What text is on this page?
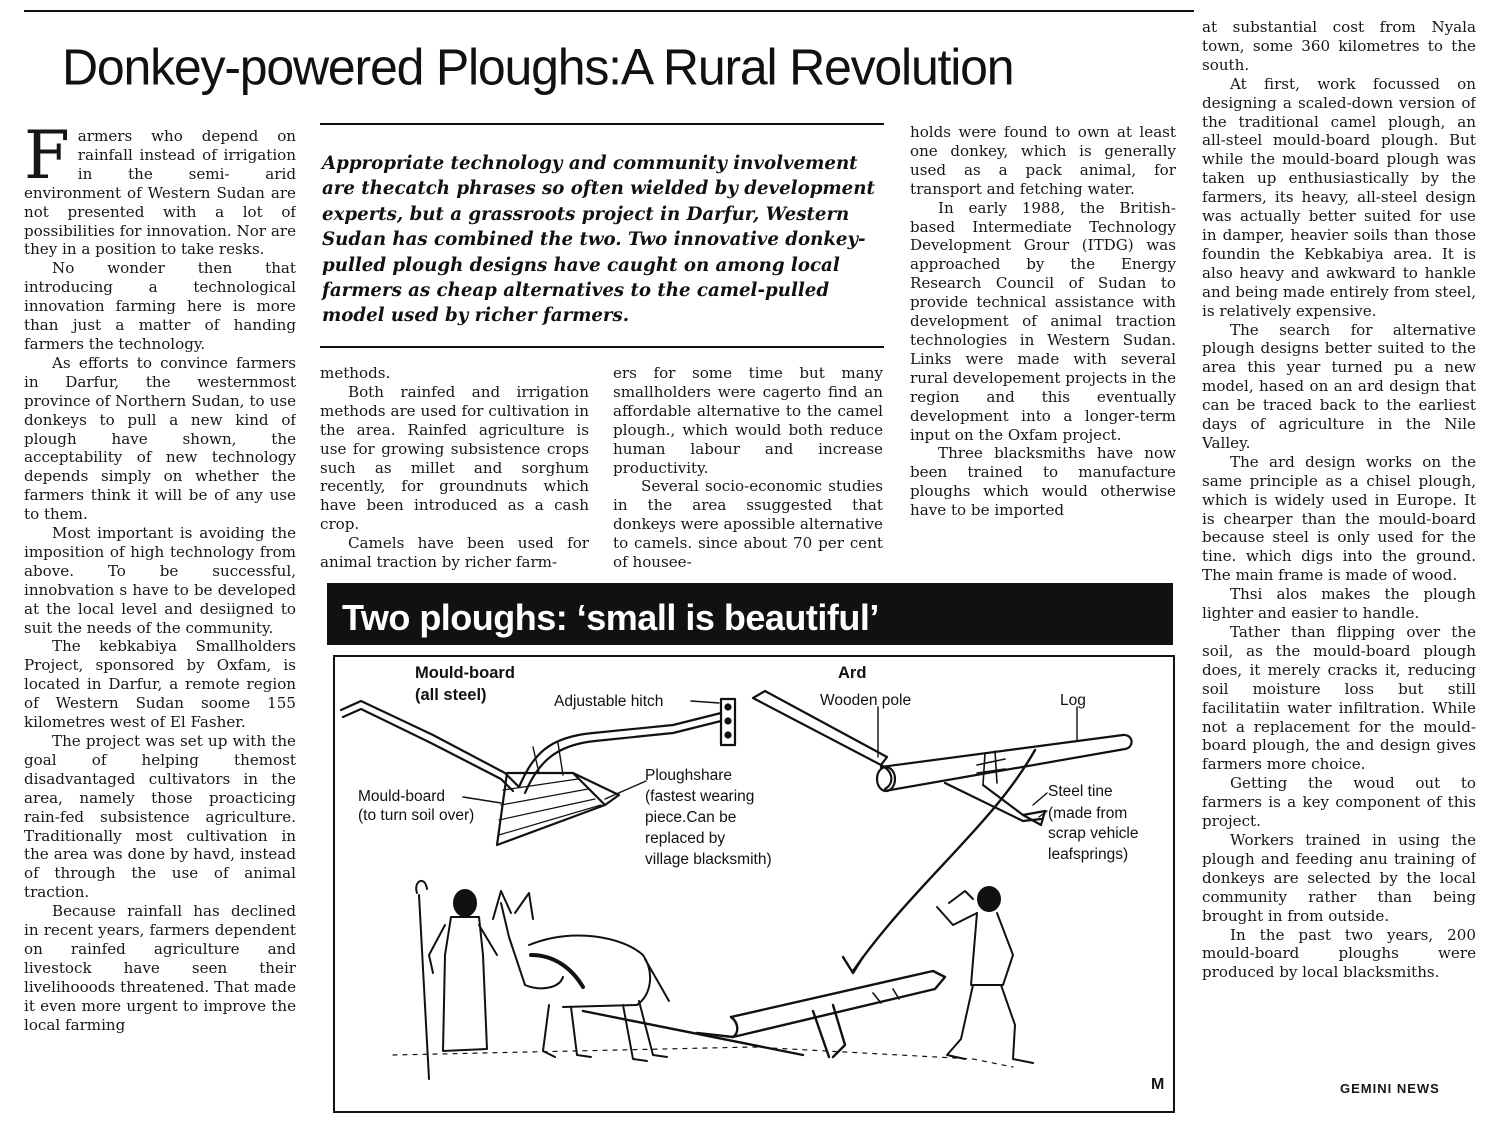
Donkey-powered Ploughs:A Rural Revolution
F armers who depend on rainfall instead of irrigation in the semi- arid environment of Western Sudan are not presented with a lot of possibilities for innovation. Nor are they in a position to take resks.

No wonder then that introducing a technological innovation farming here is more than just a matter of handing farmers the technology.

As efforts to convince farmers in Darfur, the westernmost province of Northern Sudan, to use donkeys to pull a new kind of plough have shown, the acceptability of new technology depends simply on whether the farmers think it will be of any use to them.

Most important is avoiding the imposition of high technology from above. To be successful, innobvation s have to be developed at the local level and desiigned to suit the needs of the community.

The kebkabiya Smallholders Project, sponsored by Oxfam, is located in Darfur, a remote region of Western Sudan soome 155 kilometres west of El Fasher.

The project was set up with the goal of helping themost disadvantaged cultivators in the area, namely those proacticing rain-fed subsistence agriculture. Traditionally most cultivation in the area was done by havd, instead of through the use of animal traction.

Because rainfall has declined in recent years, farmers dependent on rainfed agriculture and livestock have seen their livelihooods threatened. That made it even more urgent to improve the local farming

Appropriate technology and community involvement are thecatch phrases so often wielded by development experts, but a grassroots project in Darfur, Western Sudan has combined the two. Two innovative donkey-pulled plough designs have caught on among local farmers as cheap alternatives to the camel-pulled model used by richer farmers.

methods.

Both rainfed and irrigation methods are used for cultivation in the area. Rainfed agriculture is use for growing subsistence crops such as millet and sorghum recently, for groundnuts which have been introduced as a cash crop.

Camels have been used for animal traction by richer farm-

ers for some time but many smallholders were cagerto find an affordable alternative to the camel plough., which would both reduce human labour and increase productivity.

Several socio-economic studies in the area ssuggested that donkeys were apossible alternative to camels. since about 70 per cent of housee-

holds were found to own at least one donkey, which is generally used as a pack animal, for transport and fetching water.

In early 1988, the British-based Intermediate Technology Development Grour (ITDG) was approached by the Energy Research Council of Sudan to provide technical assistance with development of animal traction technologies in Western Sudan. Links were made with several rural developement projects in the region and this eventually development into a longer-term input on the Oxfam project.

Three blacksmiths have now been trained to manufacture ploughs which would otherwise have to be imported

at substantial cost from Nyala town, some 360 kilometres to the south.

At first, work focussed on designing a scaled-down version of the traditional camel plough, an all-steel mould-board plough. But while the mould-board plough was taken up enthusiastically by the farmers, its heavy, all-steel design was actually better suited for use in damper, heavier soils than those foundin the Kebkabiya area. It is also heavy and awkward to hankle and being made entirely from steel, is relatively expensive.

The search for alternative plough designs better suited to the area this year turned pu a new model, hased on an ard design that can be traced back to the earliest days of agriculture in the Nile Valley.

The ard design works on the same principle as a chisel plough, which is widely used in Europe. It is chearper than the mould-board because steel is only used for the tine. which digs into the ground. The main frame is made of wood.

Thsi alos makes the plough lighter and easier to handle.

Tather than flipping over the soil, as the mould-board plough does, it merely cracks it, reducing soil moisture loss but still facilitatiin water infiltration. While not a replacement for the mould-board plough, the and design gives farmers more choice.

Getting the woud out to farmers is a key component of this project.

Workers trained in using the plough and feeding anu training of donkeys are selected by the local community rather than being brought in from outside.

In the past two years, 200 mould-board ploughs were produced by local blacksmiths.

GEMINI NEWS
Two ploughs: ‘small is beautiful’
Mould-board
(all steel)	Adjustable hitch
Mould-board
(to turn soil over)
Ploughshare
(fastest wearing
piece.Can be
replaced by
village blacksmith)
Ard
Wooden pole	Log
Steel tine
(made from
scrap vehicle
leafsprings)
M
